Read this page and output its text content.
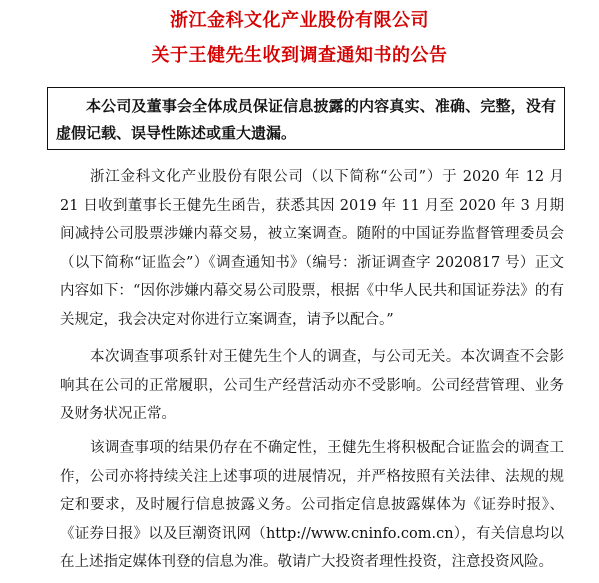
浙江金科文化产业股份有限公司
关于王健先生收到调查通知书的公告

本公司及董事会全体成员保证信息披露的内容真实、准确、完整，没有虚假记载、误导性陈述或重大遗漏。

浙江金科文化产业股份有限公司（以下简称“公司”）于 2020 年 12 月 21 日收到董事长王健先生函告，获悉其因 2019 年 11 月至 2020 年 3 月期间减持公司股票涉嫌内幕交易，被立案调查。随附的中国证券监督管理委员会（以下简称“证监会”）《调查通知书》（编号：浙证调查字 2020817 号）正文内容如下：“因你涉嫌内幕交易公司股票，根据《中华人民共和国证券法》的有关规定，我会决定对你进行立案调查，请予以配合。”

本次调查事项系针对王健先生个人的调查，与公司无关。本次调查不会影响其在公司的正常履职，公司生产经营活动亦不受影响。公司经营管理、业务及财务状况正常。

该调查事项的结果仍存在不确定性，王健先生将积极配合证监会的调查工作，公司亦将持续关注上述事项的进展情况，并严格按照有关法律、法规的规定和要求，及时履行信息披露义务。公司指定信息披露媒体为《证券时报》、《证券日报》以及巨潮资讯网（http://www.cninfo.com.cn），有关信息均以在上述指定媒体刊登的信息为准。敬请广大投资者理性投资，注意投资风险。
